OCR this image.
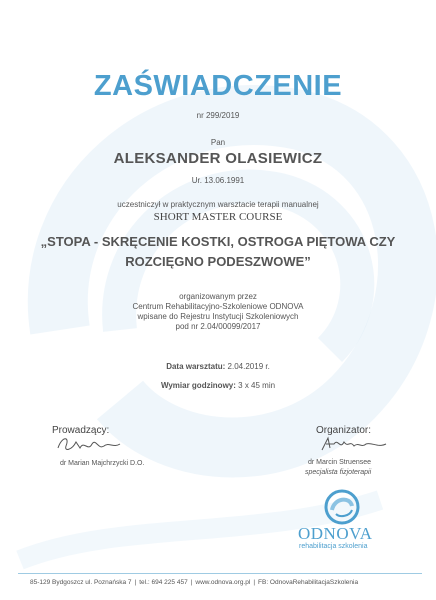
ZAŚWIADCZENIE
nr 299/2019
Pan
ALEKSANDER OLASIEWICZ
Ur. 13.06.1991
uczestniczył w praktycznym warsztacie terapii manualnej
SHORT MASTER COURSE
„STOPA - SKRĘCENIE KOSTKI, OSTROGA PIĘTOWA CZY
ROZCIĘGNO PODESZWOWE”
organizowanym przez
Centrum Rehabilitacyjno-Szkoleniowe ODNOVA
wpisane do Rejestru Instytucji Szkoleniowych
pod nr 2.04/00099/2017
Data warsztatu: 2.04.2019 r.
Wymiar godzinowy: 3 x 45 min
Prowadzący:	Organizator:
dr Marian Majchrzycki D.O.	dr Marcin Struensee
specjalista fizjoterapii
ODNOVA
rehabilitacja szkolenia
85-129 Bydgoszcz ul. Poznańska 7 | tel.: 694 225 457 | www.odnova.org.pl | FB: OdnovaRehabilitacjaSzkolenia
